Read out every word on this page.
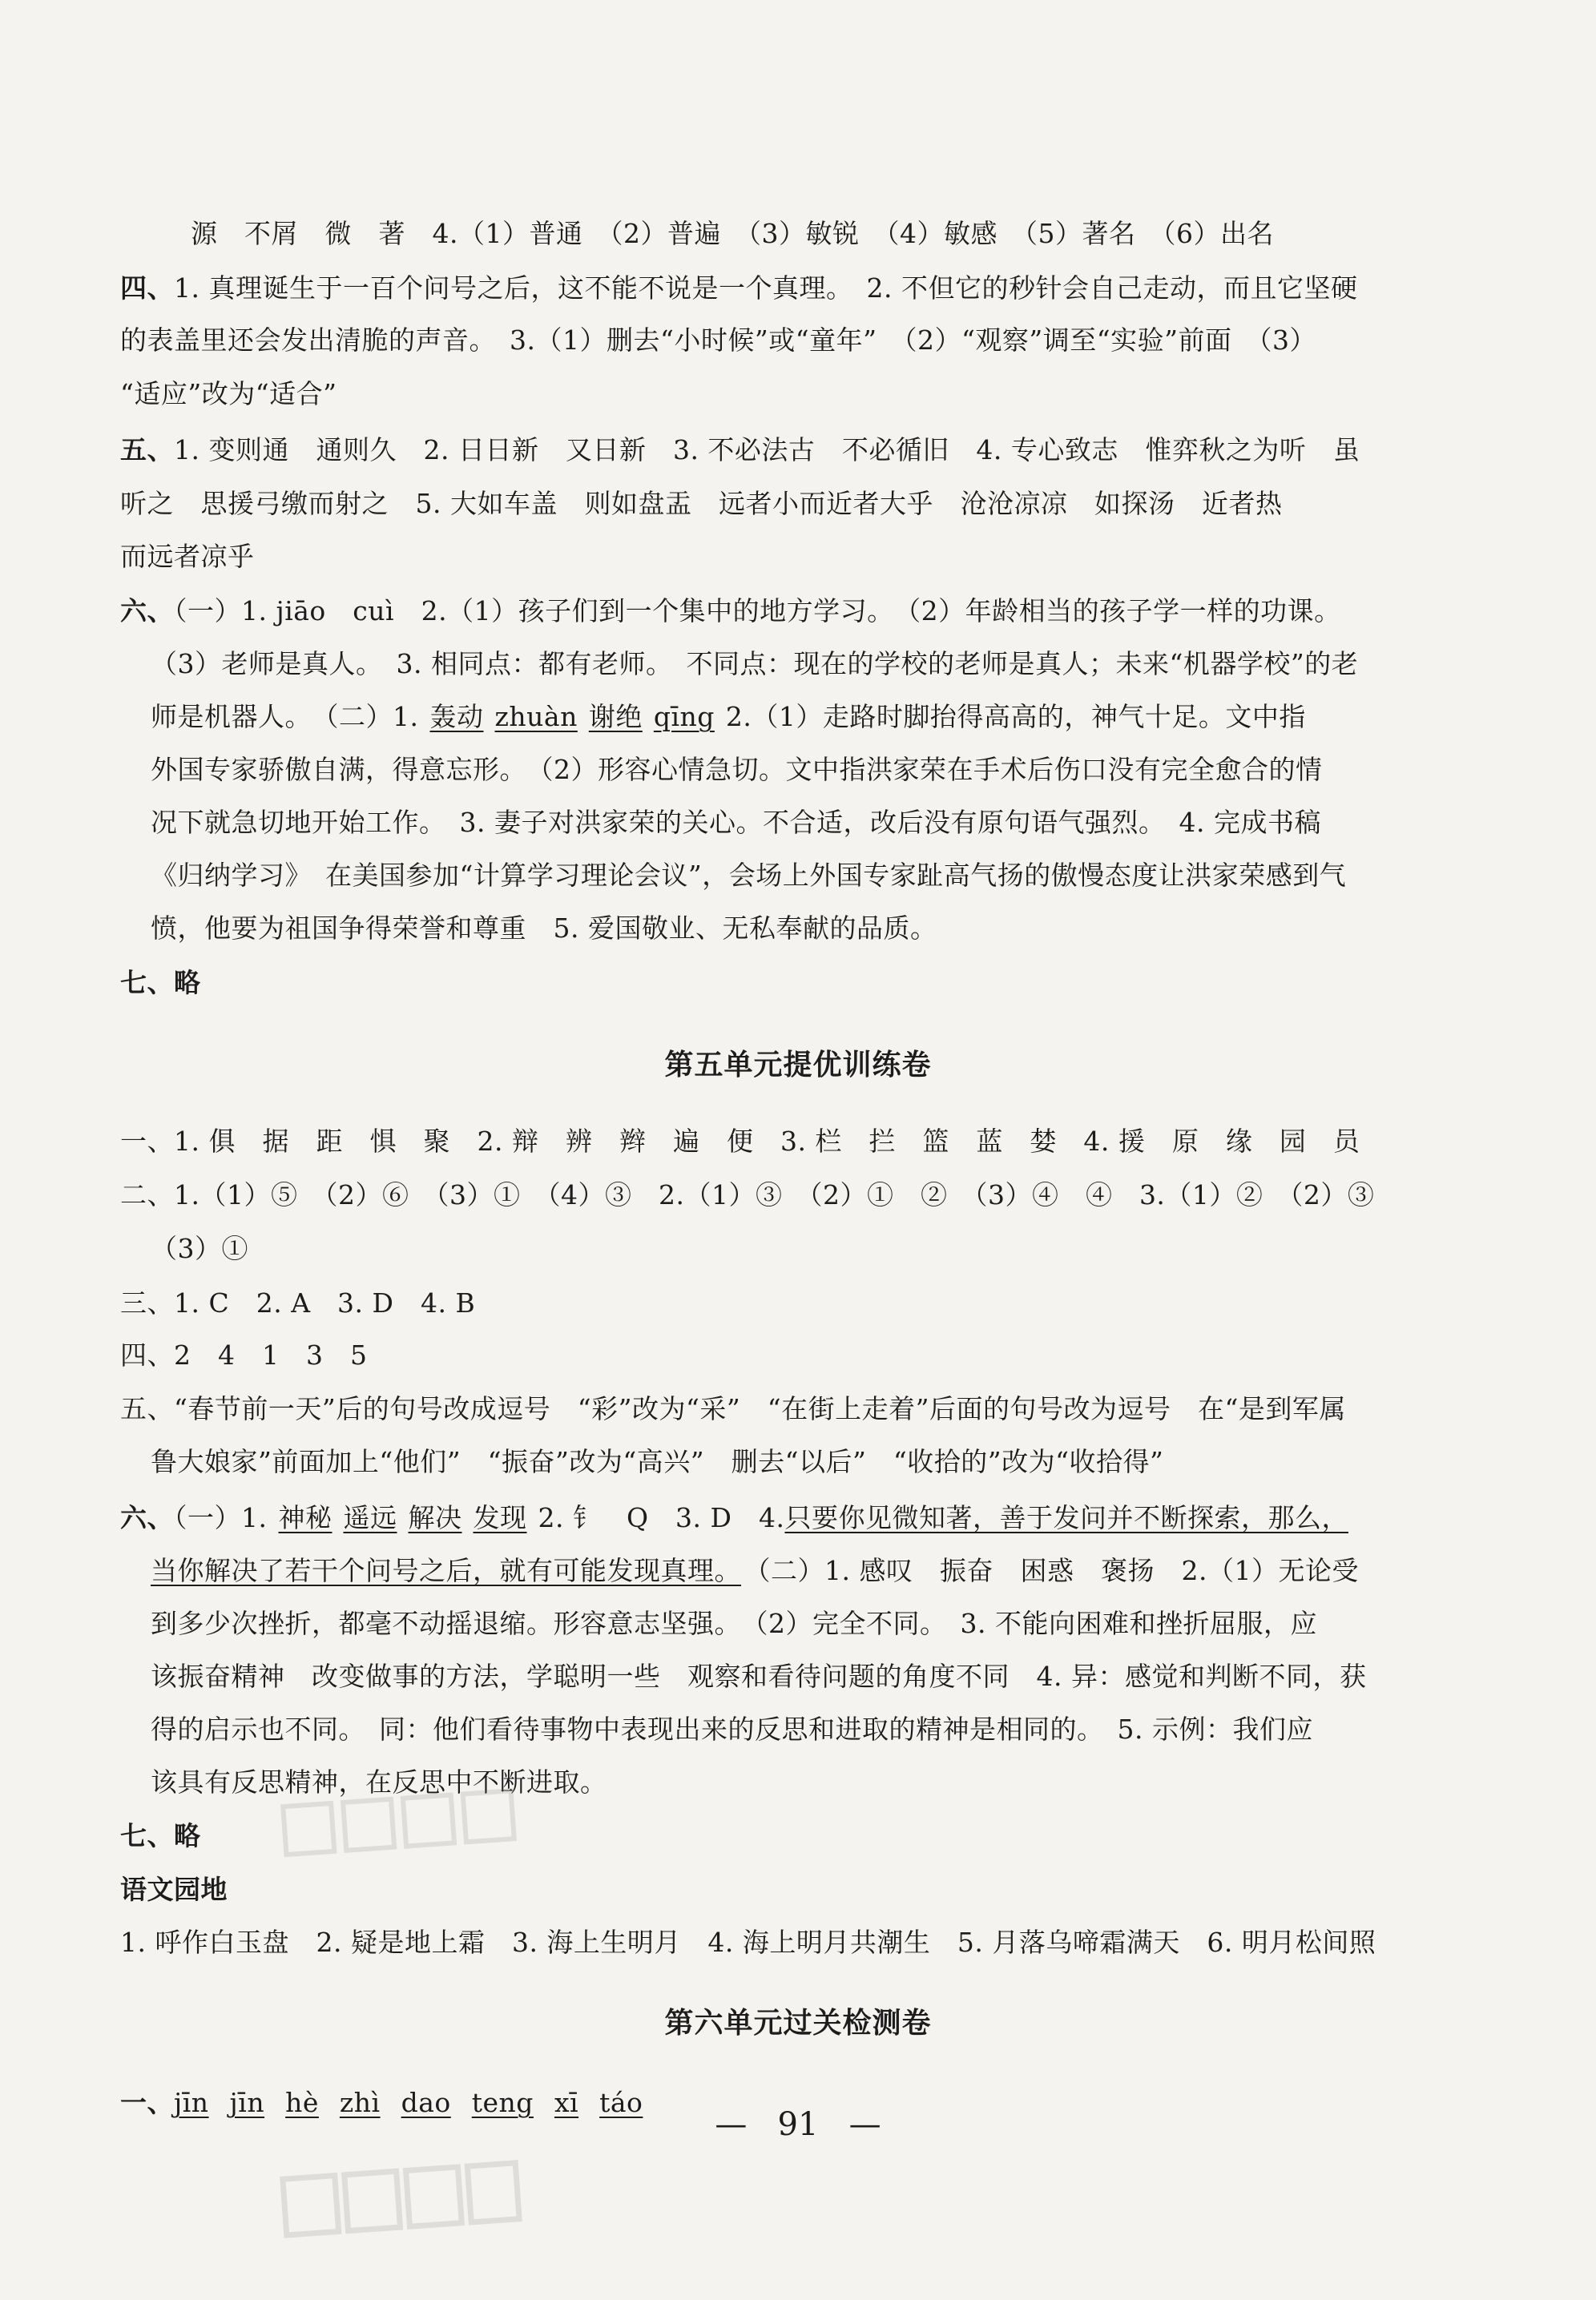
源　不屑　微　著　4.（1）普通　（2）普遍　（3）敏锐　（4）敏感　（5）著名　（6）出名
四、1. 真理诞生于一百个问号之后，这不能不说是一个真理。　2. 不但它的秒针会自己走动，而且它坚硬
的表盖里还会发出清脆的声音。　3.（1）删去“小时候”或“童年”　（2）“观察”调至“实验”前面　（3）
“适应”改为“适合”
五、1. 变则通　通则久　2. 日日新　又日新　3. 不必法古　不必循旧　4. 专心致志　惟弈秋之为听　虽
听之　思援弓缴而射之　5. 大如车盖　则如盘盂　远者小而近者大乎　沧沧凉凉　如探汤　近者热
而远者凉乎
六、（一）1. jiāo　cuì　2.（1）孩子们到一个集中的地方学习。　（2）年龄相当的孩子学一样的功课。
（3）老师是真人。　3. 相同点：都有老师。　不同点：现在的学校的老师是真人；未来“机器学校”的老
师是机器人。　（二）1. 轰动 zhuàn 谢绝 qīng 2.（1）走路时脚抬得高高的，神气十足。文中指
外国专家骄傲自满，得意忘形。　（2）形容心情急切。文中指洪家荣在手术后伤口没有完全愈合的情
况下就急切地开始工作。　3. 妻子对洪家荣的关心。不合适，改后没有原句语气强烈。　4. 完成书稿
《归纳学习》　在美国参加“计算学习理论会议”，会场上外国专家趾高气扬的傲慢态度让洪家荣感到气
愤，他要为祖国争得荣誉和尊重　5. 爱国敬业、无私奉献的品质。
七、略
第五单元提优训练卷
一、1. 俱　据　距　惧　聚　2. 辩　辨　辫　遍　便　3. 栏　拦　篮　蓝　婪　4. 援　原　缘　园　员
二、1.（1）⑤　（2）⑥　（3）①　（4）③　2.（1）③　（2）①　②　（3）④　④　3.（1）②　（2）③
（3）①
三、1. C　2. A　3. D　4. B
四、2　4　1　3　5
五、“春节前一天”后的句号改成逗号　“彩”改为“采”　“在街上走着”后面的句号改为逗号　在“是到军属
鲁大娘家”前面加上“他们”　“振奋”改为“高兴”　删去“以后”　“收拾的”改为“收拾得”
六、（一）1. 神秘 遥远 解决 发现 2. 钅　Q　3. D　4.只要你见微知著，善于发问并不断探索，那么，
当你解决了若干个问号之后，就有可能发现真理。 （二）1. 感叹　振奋　困惑　褒扬　2.（1）无论受
到多少次挫折，都毫不动摇退缩。形容意志坚强。　（2）完全不同。　3. 不能向困难和挫折屈服，应
该振奋精神　改变做事的方法，学聪明一些　观察和看待问题的角度不同　4. 异：感觉和判断不同，获
得的启示也不同。　同：他们看待事物中表现出来的反思和进取的精神是相同的。　5. 示例：我们应
该具有反思精神，在反思中不断进取。
七、略
语文园地
1. 呼作白玉盘　2. 疑是地上霜　3. 海上生明月　4. 海上明月共潮生　5. 月落乌啼霜满天　6. 明月松间照
第六单元过关检测卷
一、jīn jīn hè zhì dao teng xī táo
— 91 —
